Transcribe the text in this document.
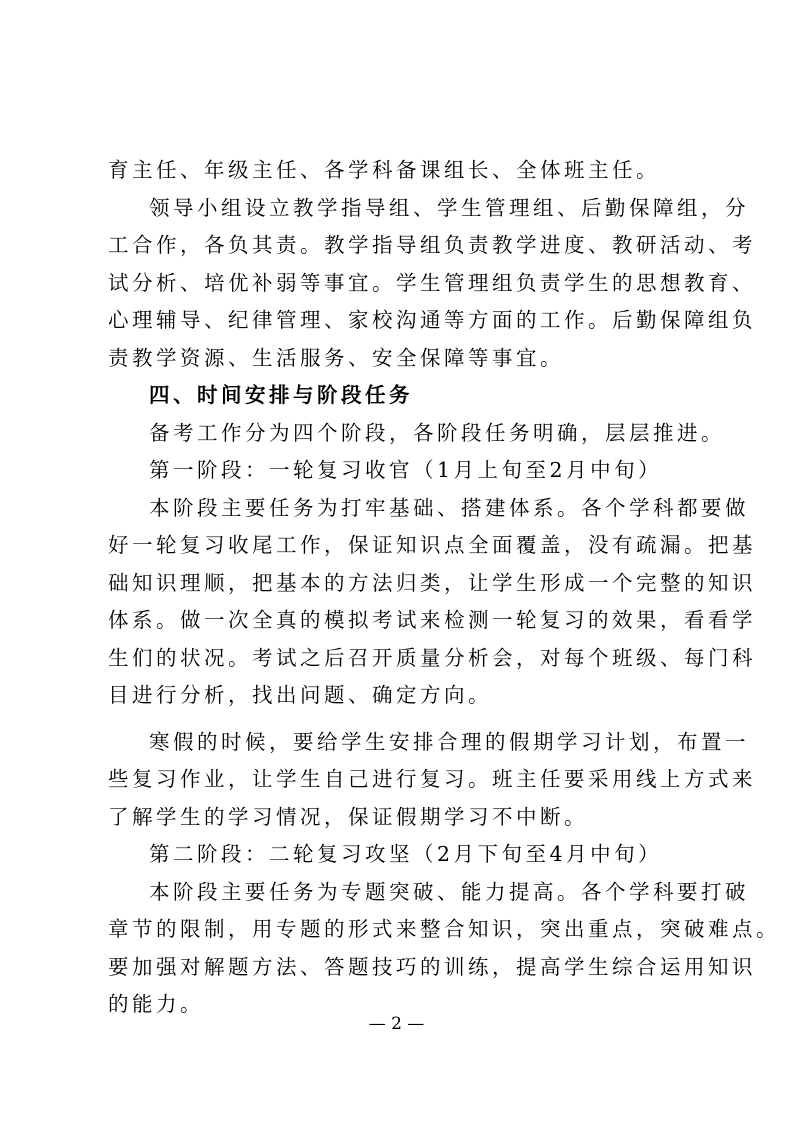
育主任、年级主任、各学科备课组长、全体班主任。
领导小组设立教学指导组、学生管理组、后勤保障组，分
工合作，各负其责。教学指导组负责教学进度、教研活动、考
试分析、培优补弱等事宜。学生管理组负责学生的思想教育、
心理辅导、纪律管理、家校沟通等方面的工作。后勤保障组负
责教学资源、生活服务、安全保障等事宜。
四、时间安排与阶段任务
备考工作分为四个阶段，各阶段任务明确，层层推进。
第一阶段：一轮复习收官（1月上旬至2月中旬）
本阶段主要任务为打牢基础、搭建体系。各个学科都要做
好一轮复习收尾工作，保证知识点全面覆盖，没有疏漏。把基
础知识理顺，把基本的方法归类，让学生形成一个完整的知识
体系。做一次全真的模拟考试来检测一轮复习的效果，看看学
生们的状况。考试之后召开质量分析会，对每个班级、每门科
目进行分析，找出问题、确定方向。
寒假的时候，要给学生安排合理的假期学习计划，布置一
些复习作业，让学生自己进行复习。班主任要采用线上方式来
了解学生的学习情况，保证假期学习不中断。
第二阶段：二轮复习攻坚（2月下旬至4月中旬）
本阶段主要任务为专题突破、能力提高。各个学科要打破
章节的限制，用专题的形式来整合知识，突出重点，突破难点。
要加强对解题方法、答题技巧的训练，提高学生综合运用知识
的能力。
— 2 —
